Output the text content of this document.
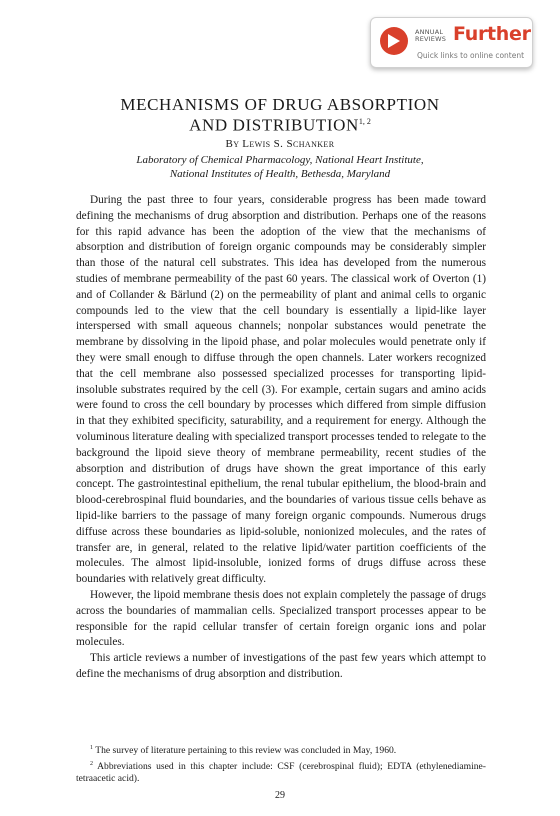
ANNUAL
REVIEWS Further
Quick links to online content
MECHANISMS OF DRUG ABSORPTION
AND DISTRIBUTION$^{1, 2}$
By Lewis S. Schanker
Laboratory of Chemical Pharmacology, National Heart Institute,
National Institutes of Health, Bethesda, Maryland

During the past three to four years, considerable progress has been made toward defining the mechanisms of drug absorption and distribution. Perhaps one of the reasons for this rapid advance has been the adoption of the view that the mechanisms of absorption and distribution of foreign organic compounds may be considerably simpler than those of the natural cell substrates. This idea has developed from the numerous studies of membrane permeability of the past 60 years. The classical work of Overton (1) and of Collander & Bärlund (2) on the permeability of plant and animal cells to organic compounds led to the view that the cell boundary is essentially a lipid-like layer interspersed with small aqueous channels; nonpolar substances would penetrate the membrane by dissolving in the lipoid phase, and polar molecules would penetrate only if they were small enough to diffuse through the open channels. Later workers recognized that the cell membrane also possessed specialized processes for transporting lipid-insoluble substrates required by the cell (3). For example, certain sugars and amino acids were found to cross the cell boundary by processes which differed from simple diffusion in that they exhibited specificity, saturability, and a requirement for energy. Although the voluminous literature dealing with specialized transport processes tended to relegate to the background the lipoid sieve theory of membrane permeability, recent studies of the absorption and distribution of drugs have shown the great importance of this early concept. The gastrointestinal epithelium, the renal tubular epithelium, the blood-brain and blood-cerebrospinal fluid boundaries, and the boundaries of various tissue cells behave as lipid-like barriers to the passage of many foreign organic compounds. Numerous drugs diffuse across these boundaries as lipid-soluble, nonionized molecules, and the rates of transfer are, in general, related to the relative lipid/water partition coefficients of the molecules. The almost lipid-insoluble, ionized forms of drugs diffuse across these boundaries with relatively great difficulty.

However, the lipoid membrane thesis does not explain completely the passage of drugs across the boundaries of mammalian cells. Specialized transport processes appear to be responsible for the rapid cellular transfer of certain foreign organic ions and polar molecules.

This article reviews a number of investigations of the past few years which attempt to define the mechanisms of drug absorption and distribution.

$^1$ The survey of literature pertaining to this review was concluded in May, 1960.

$^2$ Abbreviations used in this chapter include: CSF (cerebrospinal fluid); EDTA (ethylenediamine-tetraacetic acid).

29
